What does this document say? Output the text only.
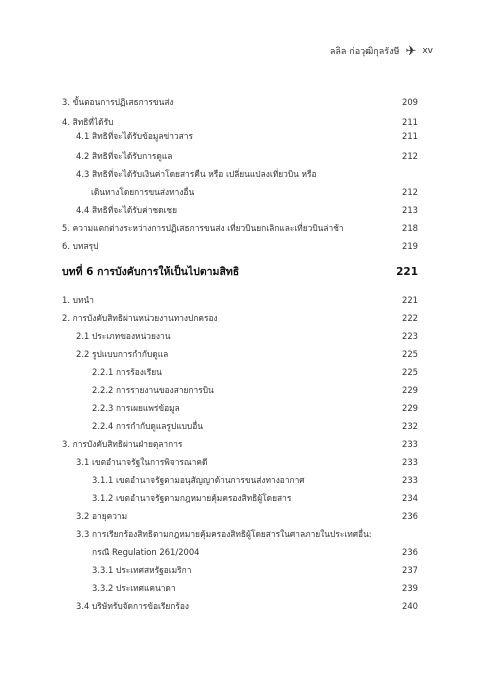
ลลิล ก่อวุฒิกุลรังษี ✈ xv
3. ขั้นตอนการปฏิเสธการขนส่ง	209
4. สิทธิที่ได้รับ	211
4.1 สิทธิที่จะได้รับข้อมูลข่าวสาร	211
4.2 สิทธิที่จะได้รับการดูแล	212
4.3 สิทธิที่จะได้รับเงินค่าโดยสารคืน หรือ เปลี่ยนแปลงเที่ยวบิน หรือ
เดินทางโดยการขนส่งทางอื่น	212
4.4 สิทธิที่จะได้รับค่าชดเชย	213
5. ความแตกต่างระหว่างการปฏิเสธการขนส่ง เที่ยวบินยกเลิกและเที่ยวบินล่าช้า	218
6. บทสรุป	219
บทที่ 6 การบังคับการให้เป็นไปตามสิทธิ	221
1. บทนำ	221
2. การบังคับสิทธิผ่านหน่วยงานทางปกครอง	222
2.1 ประเภทของหน่วยงาน	223
2.2 รูปแบบการกำกับดูแล	225
2.2.1 การร้องเรียน	225
2.2.2 การรายงานของสายการบิน	229
2.2.3 การเผยแพร่ข้อมูล	229
2.2.4 การกำกับดูแลรูปแบบอื่น	232
3. การบังคับสิทธิผ่านฝ่ายตุลาการ	233
3.1 เขตอำนาจรัฐในการพิจารณาคดี	233
3.1.1 เขตอำนาจรัฐตามอนุสัญญาด้านการขนส่งทางอากาศ	233
3.1.2 เขตอำนาจรัฐตามกฎหมายคุ้มครองสิทธิผู้โดยสาร	234
3.2 อายุความ	236
3.3 การเรียกร้องสิทธิตามกฎหมายคุ้มครองสิทธิผู้โดยสารในศาลภายในประเทศอื่น:
กรณี Regulation 261/2004	236
3.3.1 ประเทศสหรัฐอเมริกา	237
3.3.2 ประเทศแคนาดา	239
3.4 บริษัทรับจัดการข้อเรียกร้อง	240
